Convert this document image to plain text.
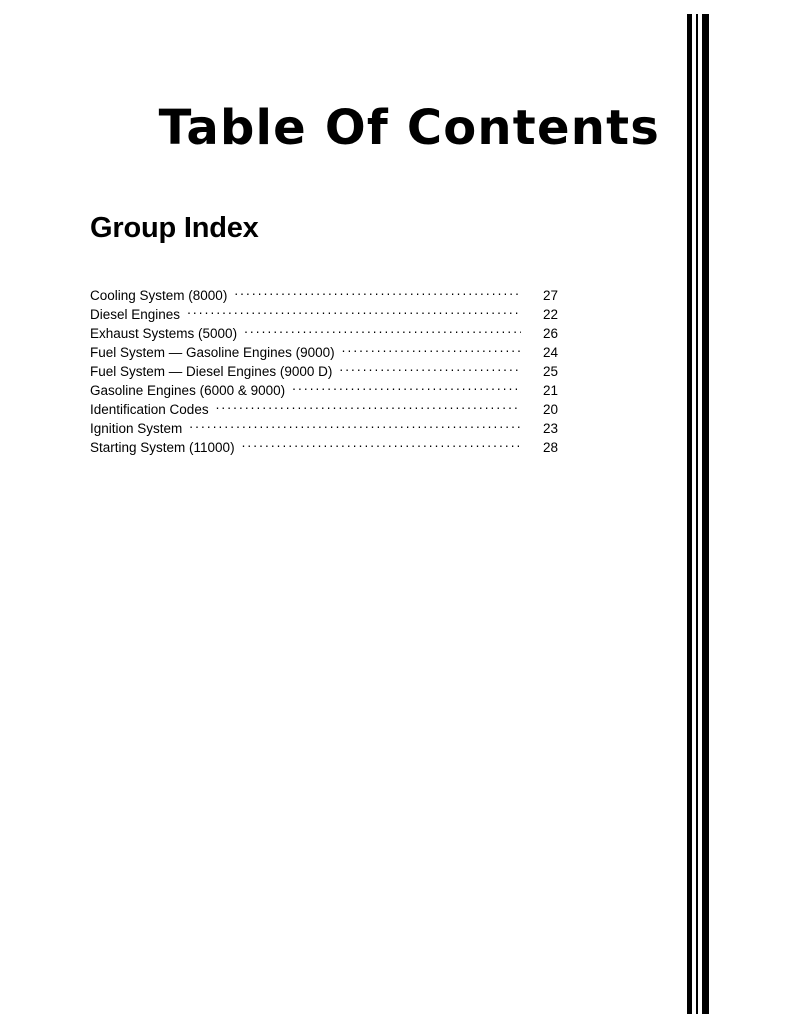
Table Of Contents
Group Index
Cooling System (8000) .....	27
Diesel Engines .....	22
Exhaust Systems (5000) .....	26
Fuel System — Gasoline Engines (9000) .....	24
Fuel System — Diesel Engines (9000 D) .....	25
Gasoline Engines (6000 & 9000) .....	21
Identification Codes .....	20
Ignition System .....	23
Starting System (11000) .....	28
